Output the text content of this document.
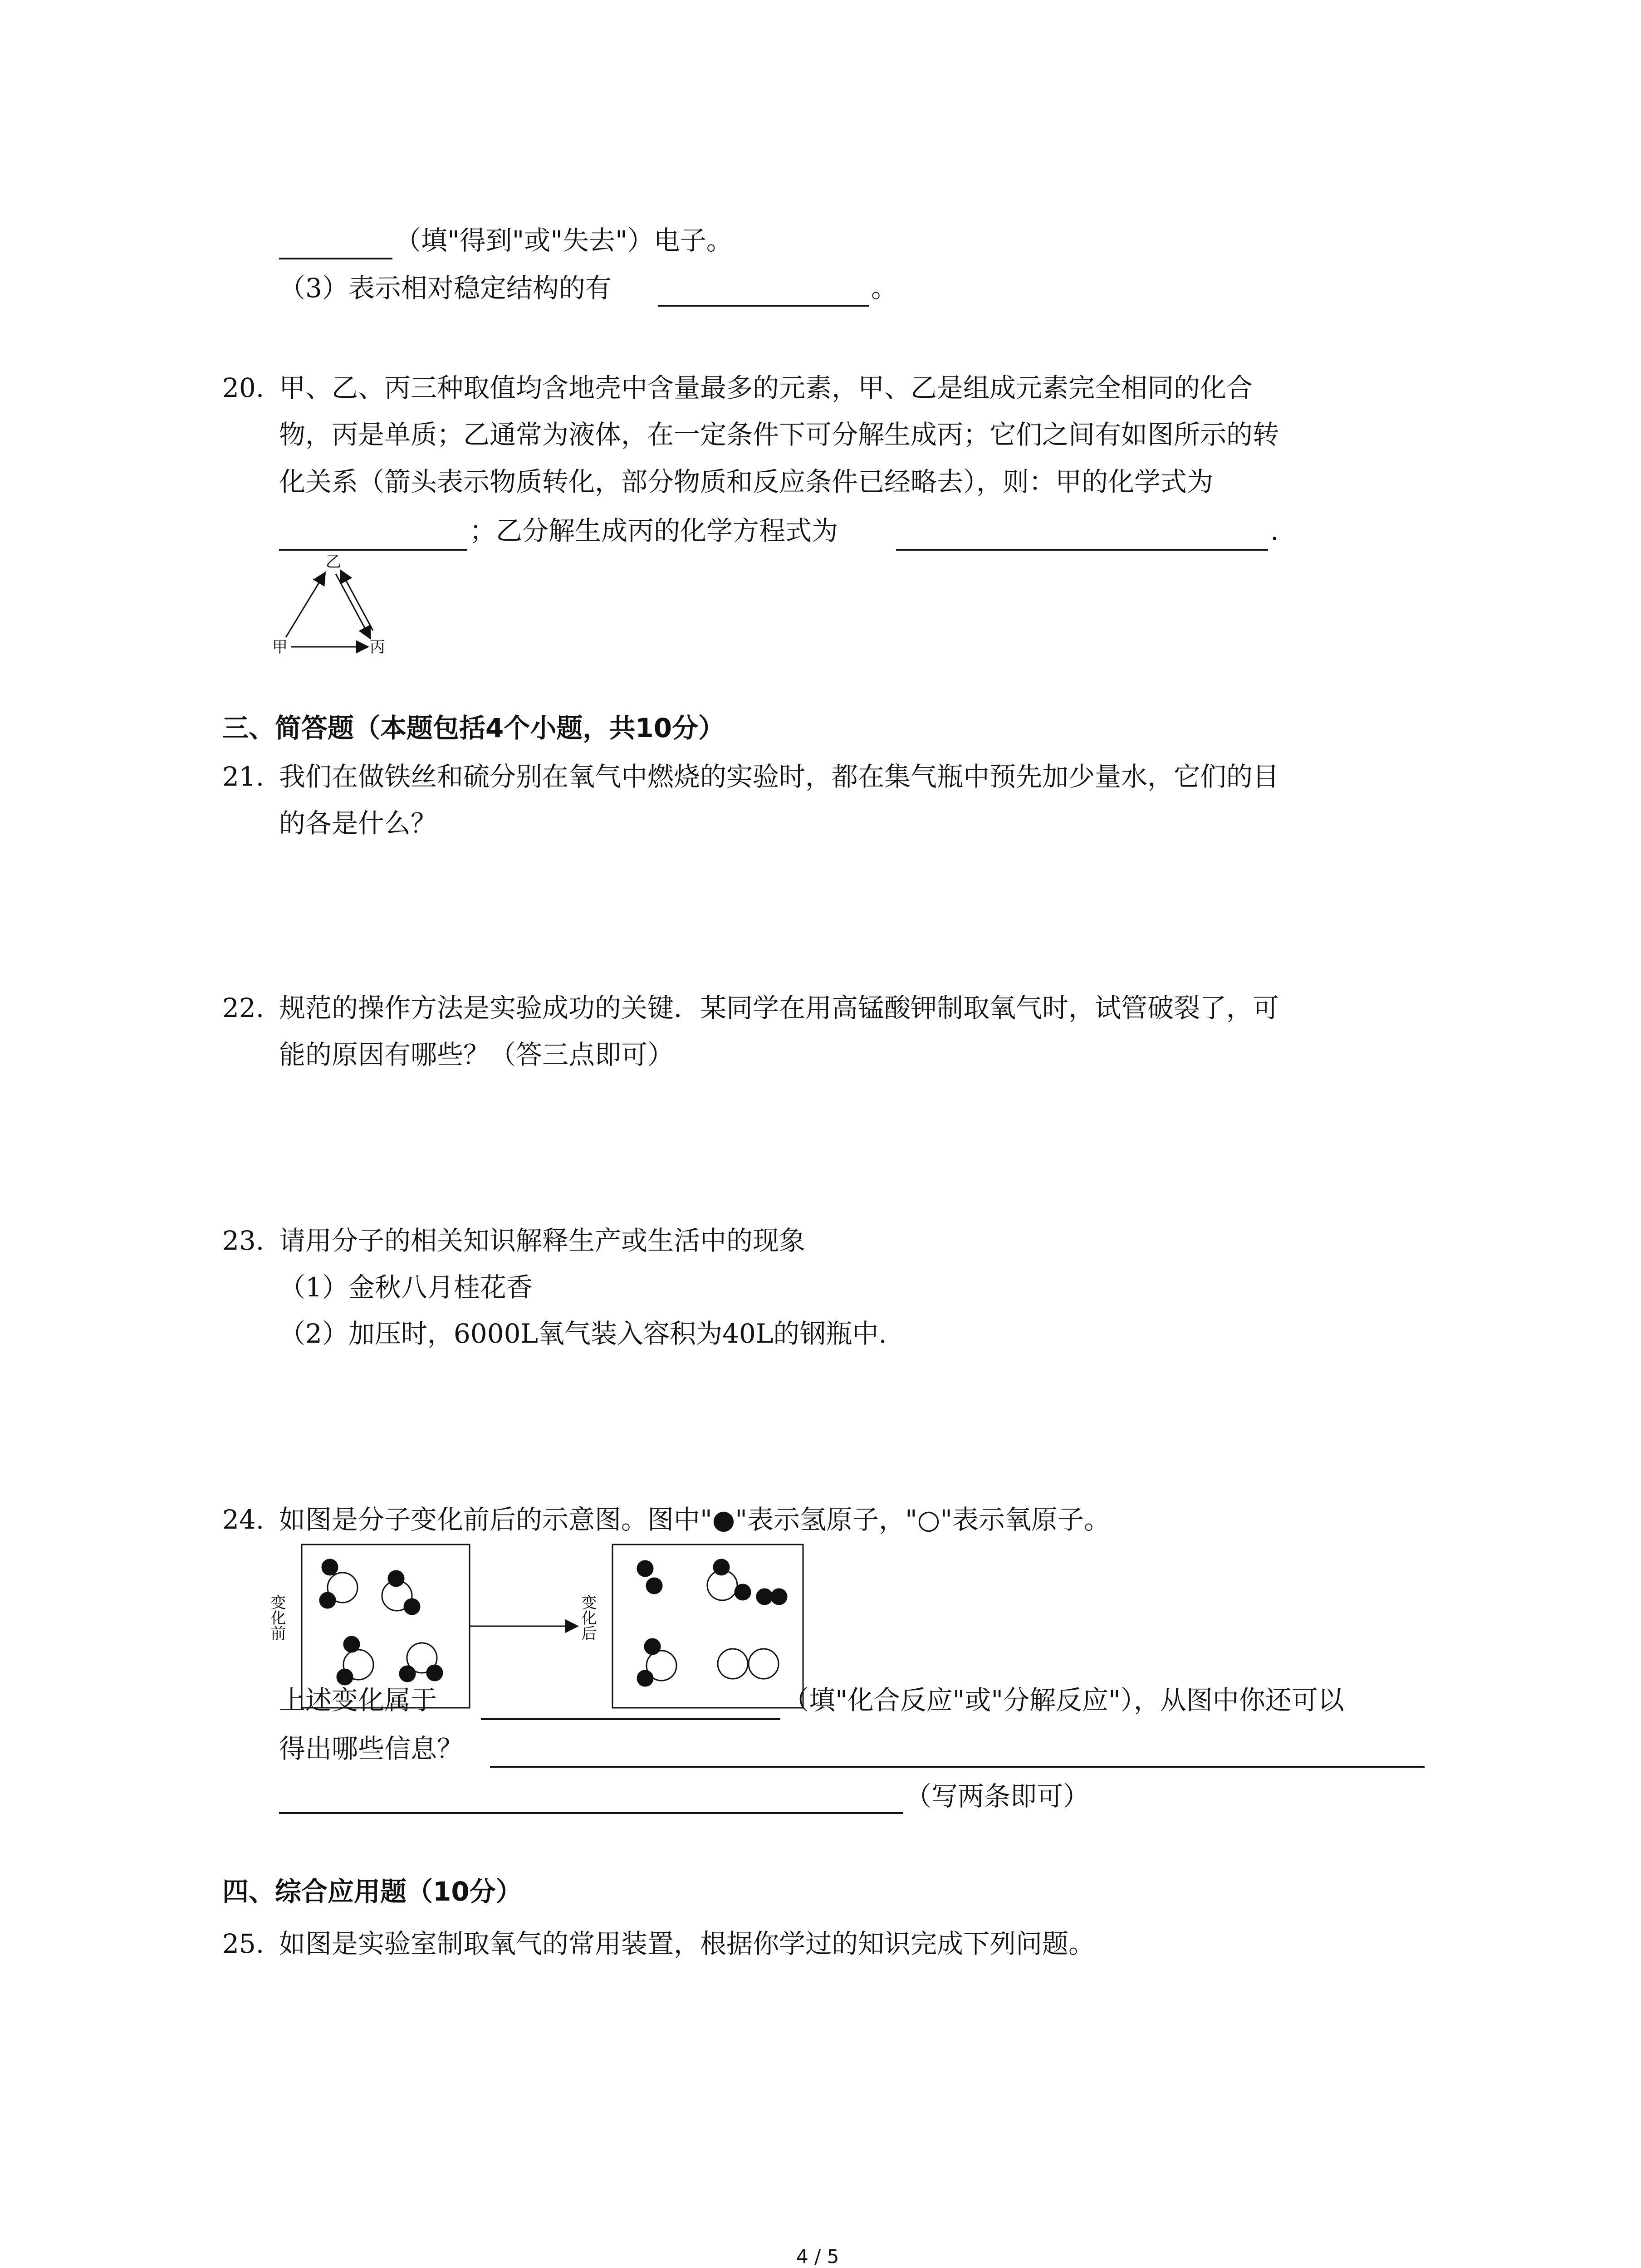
（填"得到"或"失去"）电子。
（3）表示相对稳定结构的有	。
20. 甲、乙、丙三种取值均含地壳中含量最多的元素，甲、乙是组成元素完全相同的化合
物，丙是单质；乙通常为液体，在一定条件下可分解生成丙；它们之间有如图所示的转
化关系（箭头表示物质转化，部分物质和反应条件已经略去），则：甲的化学式为
；乙分解生成丙的化学方程式为	.
乙
甲	丙
三、简答题（本题包括4个小题，共10分）
21. 我们在做铁丝和硫分别在氧气中燃烧的实验时，都在集气瓶中预先加少量水，它们的目
的各是什么？
22. 规范的操作方法是实验成功的关键．某同学在用高锰酸钾制取氧气时，试管破裂了，可
能的原因有哪些？（答三点即可）
23. 请用分子的相关知识解释生产或生活中的现象
（1）金秋八月桂花香
（2）加压时，6000L氧气装入容积为40L的钢瓶中.
24. 如图是分子变化前后的示意图。图中"●"表示氢原子，"○"表示氧原子。
变化前	变化后
上述变化属于	（填"化合反应"或"分解反应"），从图中你还可以
得出哪些信息？
（写两条即可）
四、综合应用题（10分）
25. 如图是实验室制取氧气的常用装置，根据你学过的知识完成下列问题。
4 / 5
